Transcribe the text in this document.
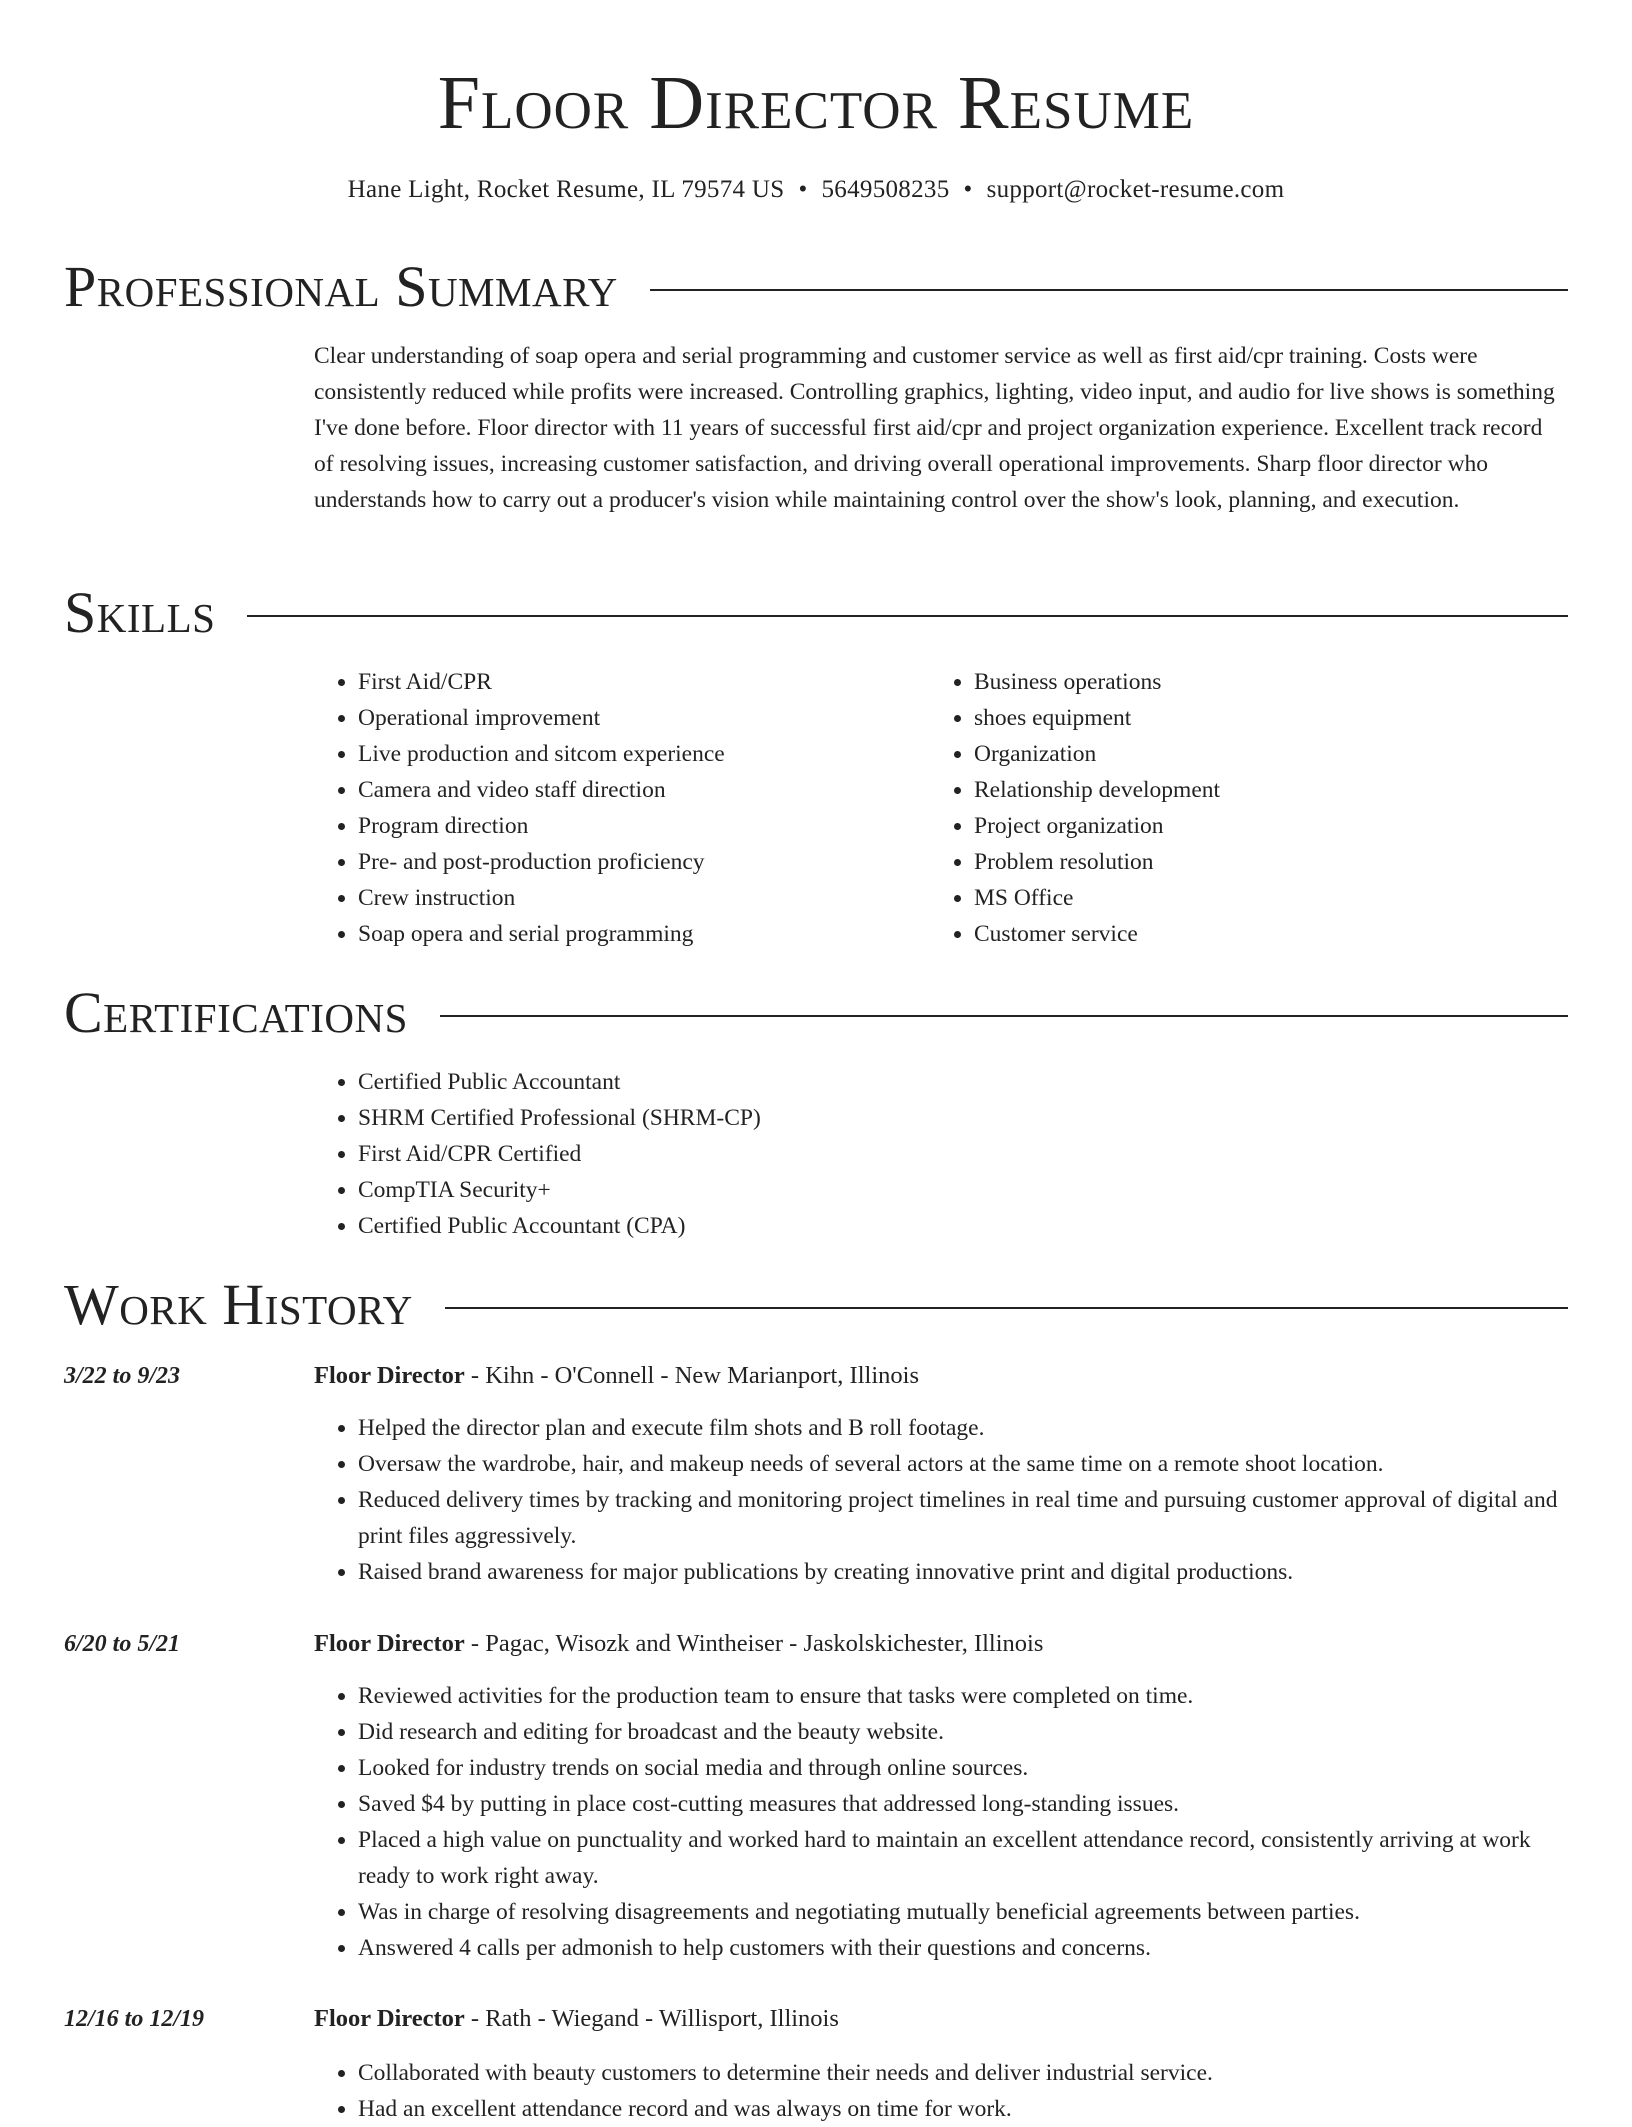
Floor Director Resume
Hane Light, Rocket Resume, IL 79574 US • 5649508235 • support@rocket-resume.com
Professional Summary

Clear understanding of soap opera and serial programming and customer service as well as first aid/cpr training. Costs were consistently reduced while profits were increased. Controlling graphics, lighting, video input, and audio for live shows is something I've done before. Floor director with 11 years of successful first aid/cpr and project organization experience. Excellent track record of resolving issues, increasing customer satisfaction, and driving overall operational improvements. Sharp floor director who understands how to carry out a producer's vision while maintaining control over the show's look, planning, and execution.

Skills
• First Aid/CPR
• Operational improvement
• Live production and sitcom experience
• Camera and video staff direction
• Program direction
• Pre- and post-production proficiency
• Crew instruction
• Soap opera and serial programming
• Business operations
• shoes equipment
• Organization
• Relationship development
• Project organization
• Problem resolution
• MS Office
• Customer service
Certifications
• Certified Public Accountant
• SHRM Certified Professional (SHRM-CP)
• First Aid/CPR Certified
• CompTIA Security+
• Certified Public Accountant (CPA)
Work History
3/22 to 9/23	Floor Director - Kihn - O'Connell - New Marianport, Illinois
• Helped the director plan and execute film shots and B roll footage.
• Oversaw the wardrobe, hair, and makeup needs of several actors at the same time on a remote shoot location.
• Reduced delivery times by tracking and monitoring project timelines in real time and pursuing customer approval of digital and print files aggressively.
• Raised brand awareness for major publications by creating innovative print and digital productions.
6/20 to 5/21	Floor Director - Pagac, Wisozk and Wintheiser - Jaskolskichester, Illinois
• Reviewed activities for the production team to ensure that tasks were completed on time.
• Did research and editing for broadcast and the beauty website.
• Looked for industry trends on social media and through online sources.
• Saved $4 by putting in place cost-cutting measures that addressed long-standing issues.
• Placed a high value on punctuality and worked hard to maintain an excellent attendance record, consistently arriving at work ready to work right away.
• Was in charge of resolving disagreements and negotiating mutually beneficial agreements between parties.
• Answered 4 calls per admonish to help customers with their questions and concerns.
12/16 to 12/19	Floor Director - Rath - Wiegand - Willisport, Illinois
• Collaborated with beauty customers to determine their needs and deliver industrial service.
• Had an excellent attendance record and was always on time for work.
